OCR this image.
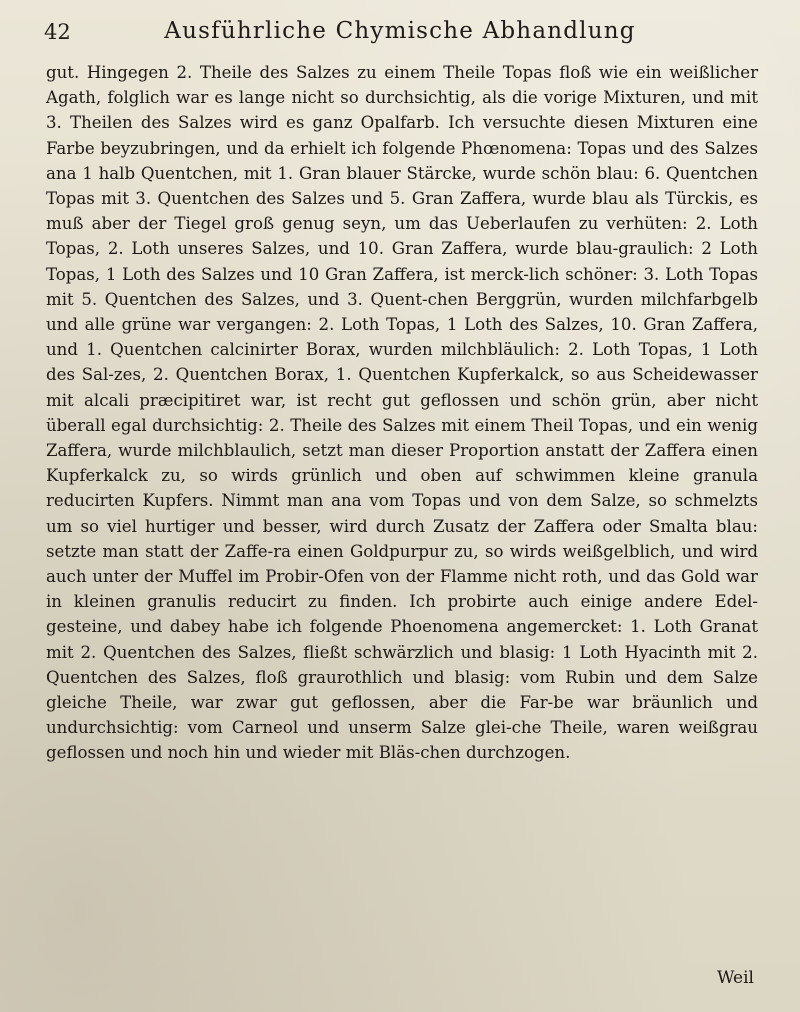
42	Ausführliche Chymische Abhandlung

gut. Hingegen 2. Theile des Salzes zu einem Theile Topas floß wie ein weißlicher Agath, folglich war es lange nicht so durchsichtig, als die vorige Mixturen, und mit 3. Theilen des Salzes wird es ganz Opalfarb. Ich versuchte diesen Mixturen eine Farbe beyzubringen, und da erhielt ich folgende Phœnomena: Topas und des Salzes ana 1 halb Quentchen, mit 1. Gran blauer Stärcke, wurde schön blau: 6. Quentchen Topas mit 3. Quentchen des Salzes und 5. Gran Zaffera, wurde blau als Türckis, es muß aber der Tiegel groß genug seyn, um das Ueberlaufen zu verhüten: 2. Loth Topas, 2. Loth unseres Salzes, und 10. Gran Zaffera, wurde blau-graulich: 2 Loth Topas, 1 Loth des Salzes und 10 Gran Zaffera, ist merck-lich schöner: 3. Loth Topas mit 5. Quentchen des Salzes, und 3. Quent-chen Berggrün, wurden milchfarbgelb und alle grüne war vergangen: 2. Loth Topas, 1 Loth des Salzes, 10. Gran Zaffera, und 1. Quentchen calcinirter Borax, wurden milchbläulich: 2. Loth Topas, 1 Loth des Sal-zes, 2. Quentchen Borax, 1. Quentchen Kupferkalck, so aus Scheidewasser mit alcali præcipitiret war, ist recht gut geflossen und schön grün, aber nicht überall egal durchsichtig: 2. Theile des Salzes mit einem Theil Topas, und ein wenig Zaffera, wurde milchblaulich, setzt man dieser Proportion anstatt der Zaffera einen Kupferkalck zu, so wirds grünlich und oben auf schwimmen kleine granula reducirten Kupfers. Nimmt man ana vom Topas und von dem Salze, so schmelzts um so viel hurtiger und besser, wird durch Zusatz der Zaffera oder Smalta blau: setzte man statt der Zaffe-ra einen Goldpurpur zu, so wirds weißgelblich, und wird auch unter der Muffel im Probir-Ofen von der Flamme nicht roth, und das Gold war in kleinen granulis reducirt zu finden. Ich probirte auch einige andere Edel-gesteine, und dabey habe ich folgende Phoenomena angemercket: 1. Loth Granat mit 2. Quentchen des Salzes, fließt schwärzlich und blasig: 1 Loth Hyacinth mit 2. Quentchen des Salzes, floß graurothlich und blasig: vom Rubin und dem Salze gleiche Theile, war zwar gut geflossen, aber die Far-be war bräunlich und undurchsichtig: vom Carneol und unserm Salze glei-che Theile, waren weißgrau geflossen und noch hin und wieder mit Bläs-chen durchzogen.

Weil
